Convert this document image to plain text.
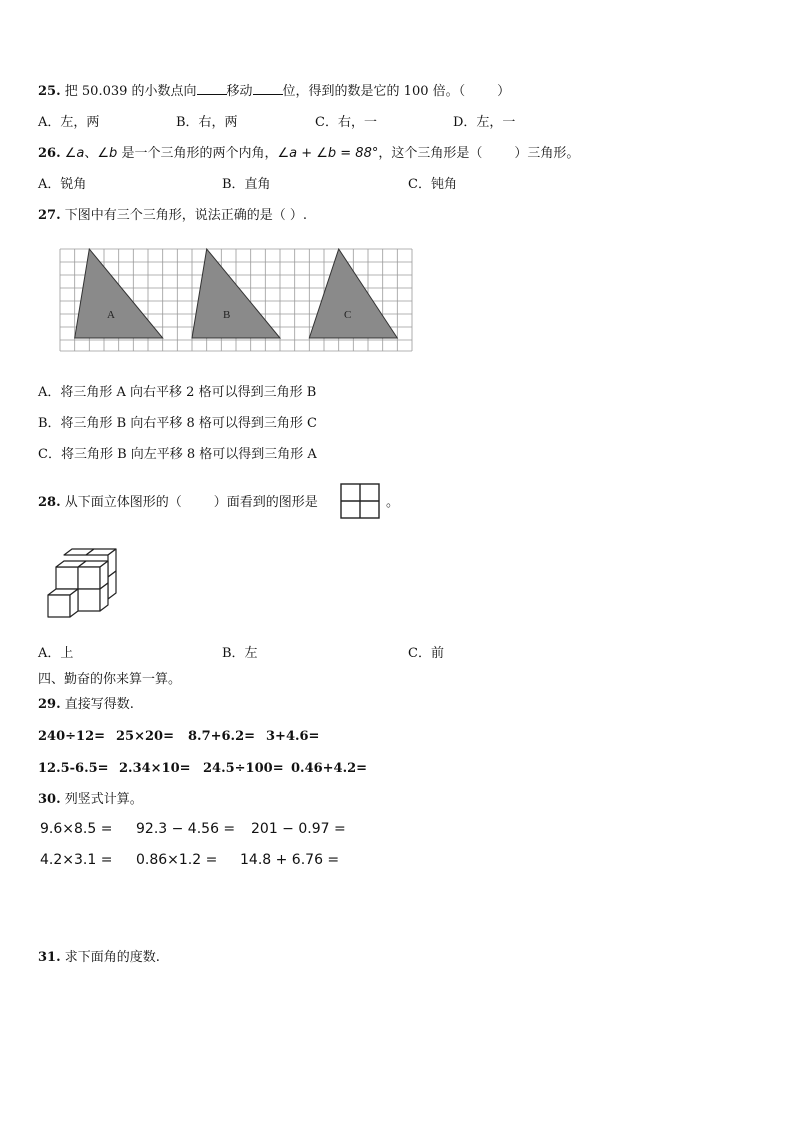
25. 把 50.039 的小数点向 移动 位，得到的数是它的 100 倍。（ ）
A．左，两	B．右，两	C．右，一	D．左，一
26. ∠a、∠b 是一个三角形的两个内角，∠a + ∠b = 88°，这个三角形是（ ）三角形。
A．锐角	B．直角	C．钝角
27. 下图中有三个三角形，说法正确的是（ ）.
A	B	C
A．将三角形 A 向右平移 2 格可以得到三角形 B
B．将三角形 B 向右平移 8 格可以得到三角形 C
C．将三角形 B 向左平移 8 格可以得到三角形 A
28. 从下面立体图形的（ ）面看到的图形是	。
A．上	B．左	C．前
四、勤奋的你来算一算。
29. 直接写得数.
240÷12= 25×20= 8.7+6.2= 3+4.6=
12.5-6.5= 2.34×10= 24.5÷100= 0.46+4.2=
30. 列竖式计算。
9.6×8.5 = 92.3 − 4.56 = 201 − 0.97 =
4.2×3.1 = 0.86×1.2 = 14.8 + 6.76 =
31. 求下面角的度数.
